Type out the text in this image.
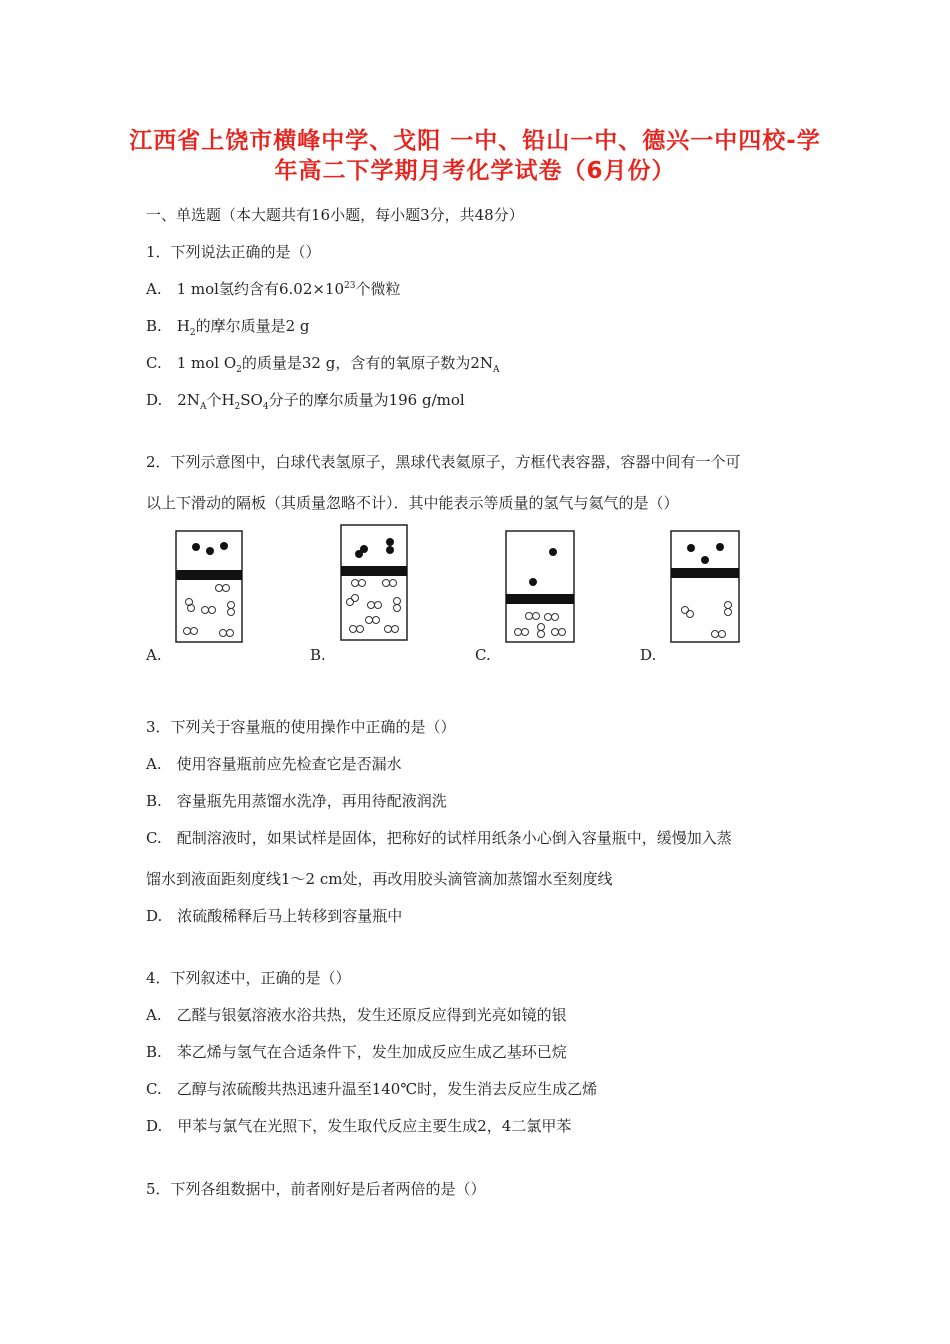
江西省上饶市横峰中学、戈阳 一中、铅山一中、德兴一中四校-学
年高二下学期月考化学试卷（6月份）
一、单选题（本大题共有16小题，每小题3分，共48分）
1．下列说法正确的是（）
A.　1 mol氢约含有$6.02\times 10^{23}$个微粒
B.　$H_2$的摩尔质量是2 g
C.　1 mol $O_2$的质量是32 g，含有的氧原子数为$2N_A$
D.　$2N_A$个$H_2SO_4$分子的摩尔质量为196 g/mol
2．下列示意图中，白球代表氢原子，黑球代表氦原子，方框代表容器，容器中间有一个可
以上下滑动的隔板（其质量忽略不计）．其中能表示等质量的氢气与氦气的是（）
A.	B.	C.	D.
3．下列关于容量瓶的使用操作中正确的是（）
A.　使用容量瓶前应先检查它是否漏水
B.　容量瓶先用蒸馏水洗净，再用待配液润洗
C.　配制溶液时，如果试样是固体，把称好的试样用纸条小心倒入容量瓶中，缓慢加入蒸
馏水到液面距刻度线1～2 cm处，再改用胶头滴管滴加蒸馏水至刻度线
D.　浓硫酸稀释后马上转移到容量瓶中
4．下列叙述中，正确的是（）
A.　乙醛与银氨溶液水浴共热，发生还原反应得到光亮如镜的银
B.　苯乙烯与氢气在合适条件下，发生加成反应生成乙基环已烷
C.　乙醇与浓硫酸共热迅速升温至140℃时，发生消去反应生成乙烯
D.　甲苯与氯气在光照下，发生取代反应主要生成2，4二氯甲苯
5．下列各组数据中，前者刚好是后者两倍的是（）
